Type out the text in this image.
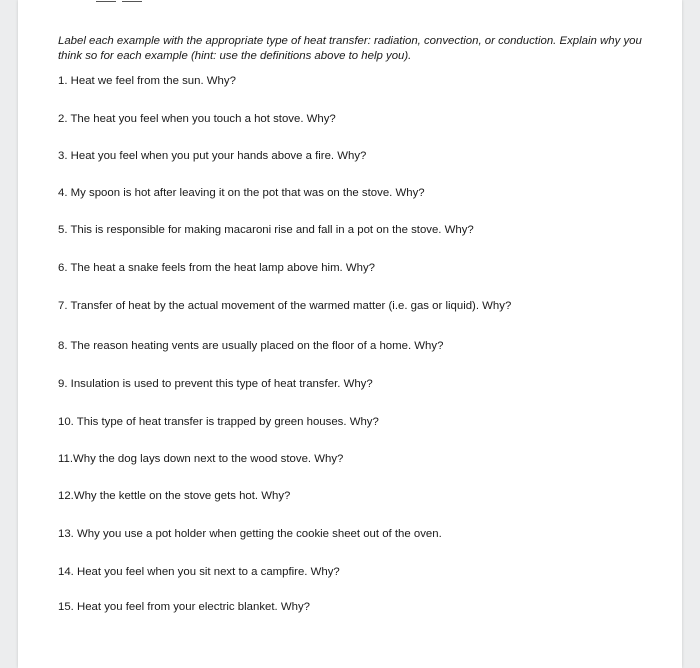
Label each example with the appropriate type of heat transfer: radiation, convection, or conduction. Explain why you think so for each example (hint: use the definitions above to help you).

1. Heat we feel from the sun. Why?

2. The heat you feel when you touch a hot stove. Why?

3. Heat you feel when you put your hands above a fire. Why?

4. My spoon is hot after leaving it on the pot that was on the stove. Why?

5. This is responsible for making macaroni rise and fall in a pot on the stove. Why?

6. The heat a snake feels from the heat lamp above him. Why?

7. Transfer of heat by the actual movement of the warmed matter (i.e. gas or liquid). Why?

8. The reason heating vents are usually placed on the floor of a home. Why?

9. Insulation is used to prevent this type of heat transfer. Why?

10. This type of heat transfer is trapped by green houses. Why?

11.Why the dog lays down next to the wood stove. Why?

12.Why the kettle on the stove gets hot. Why?

13. Why you use a pot holder when getting the cookie sheet out of the oven.

14. Heat you feel when you sit next to a campfire. Why?

15. Heat you feel from your electric blanket. Why?
